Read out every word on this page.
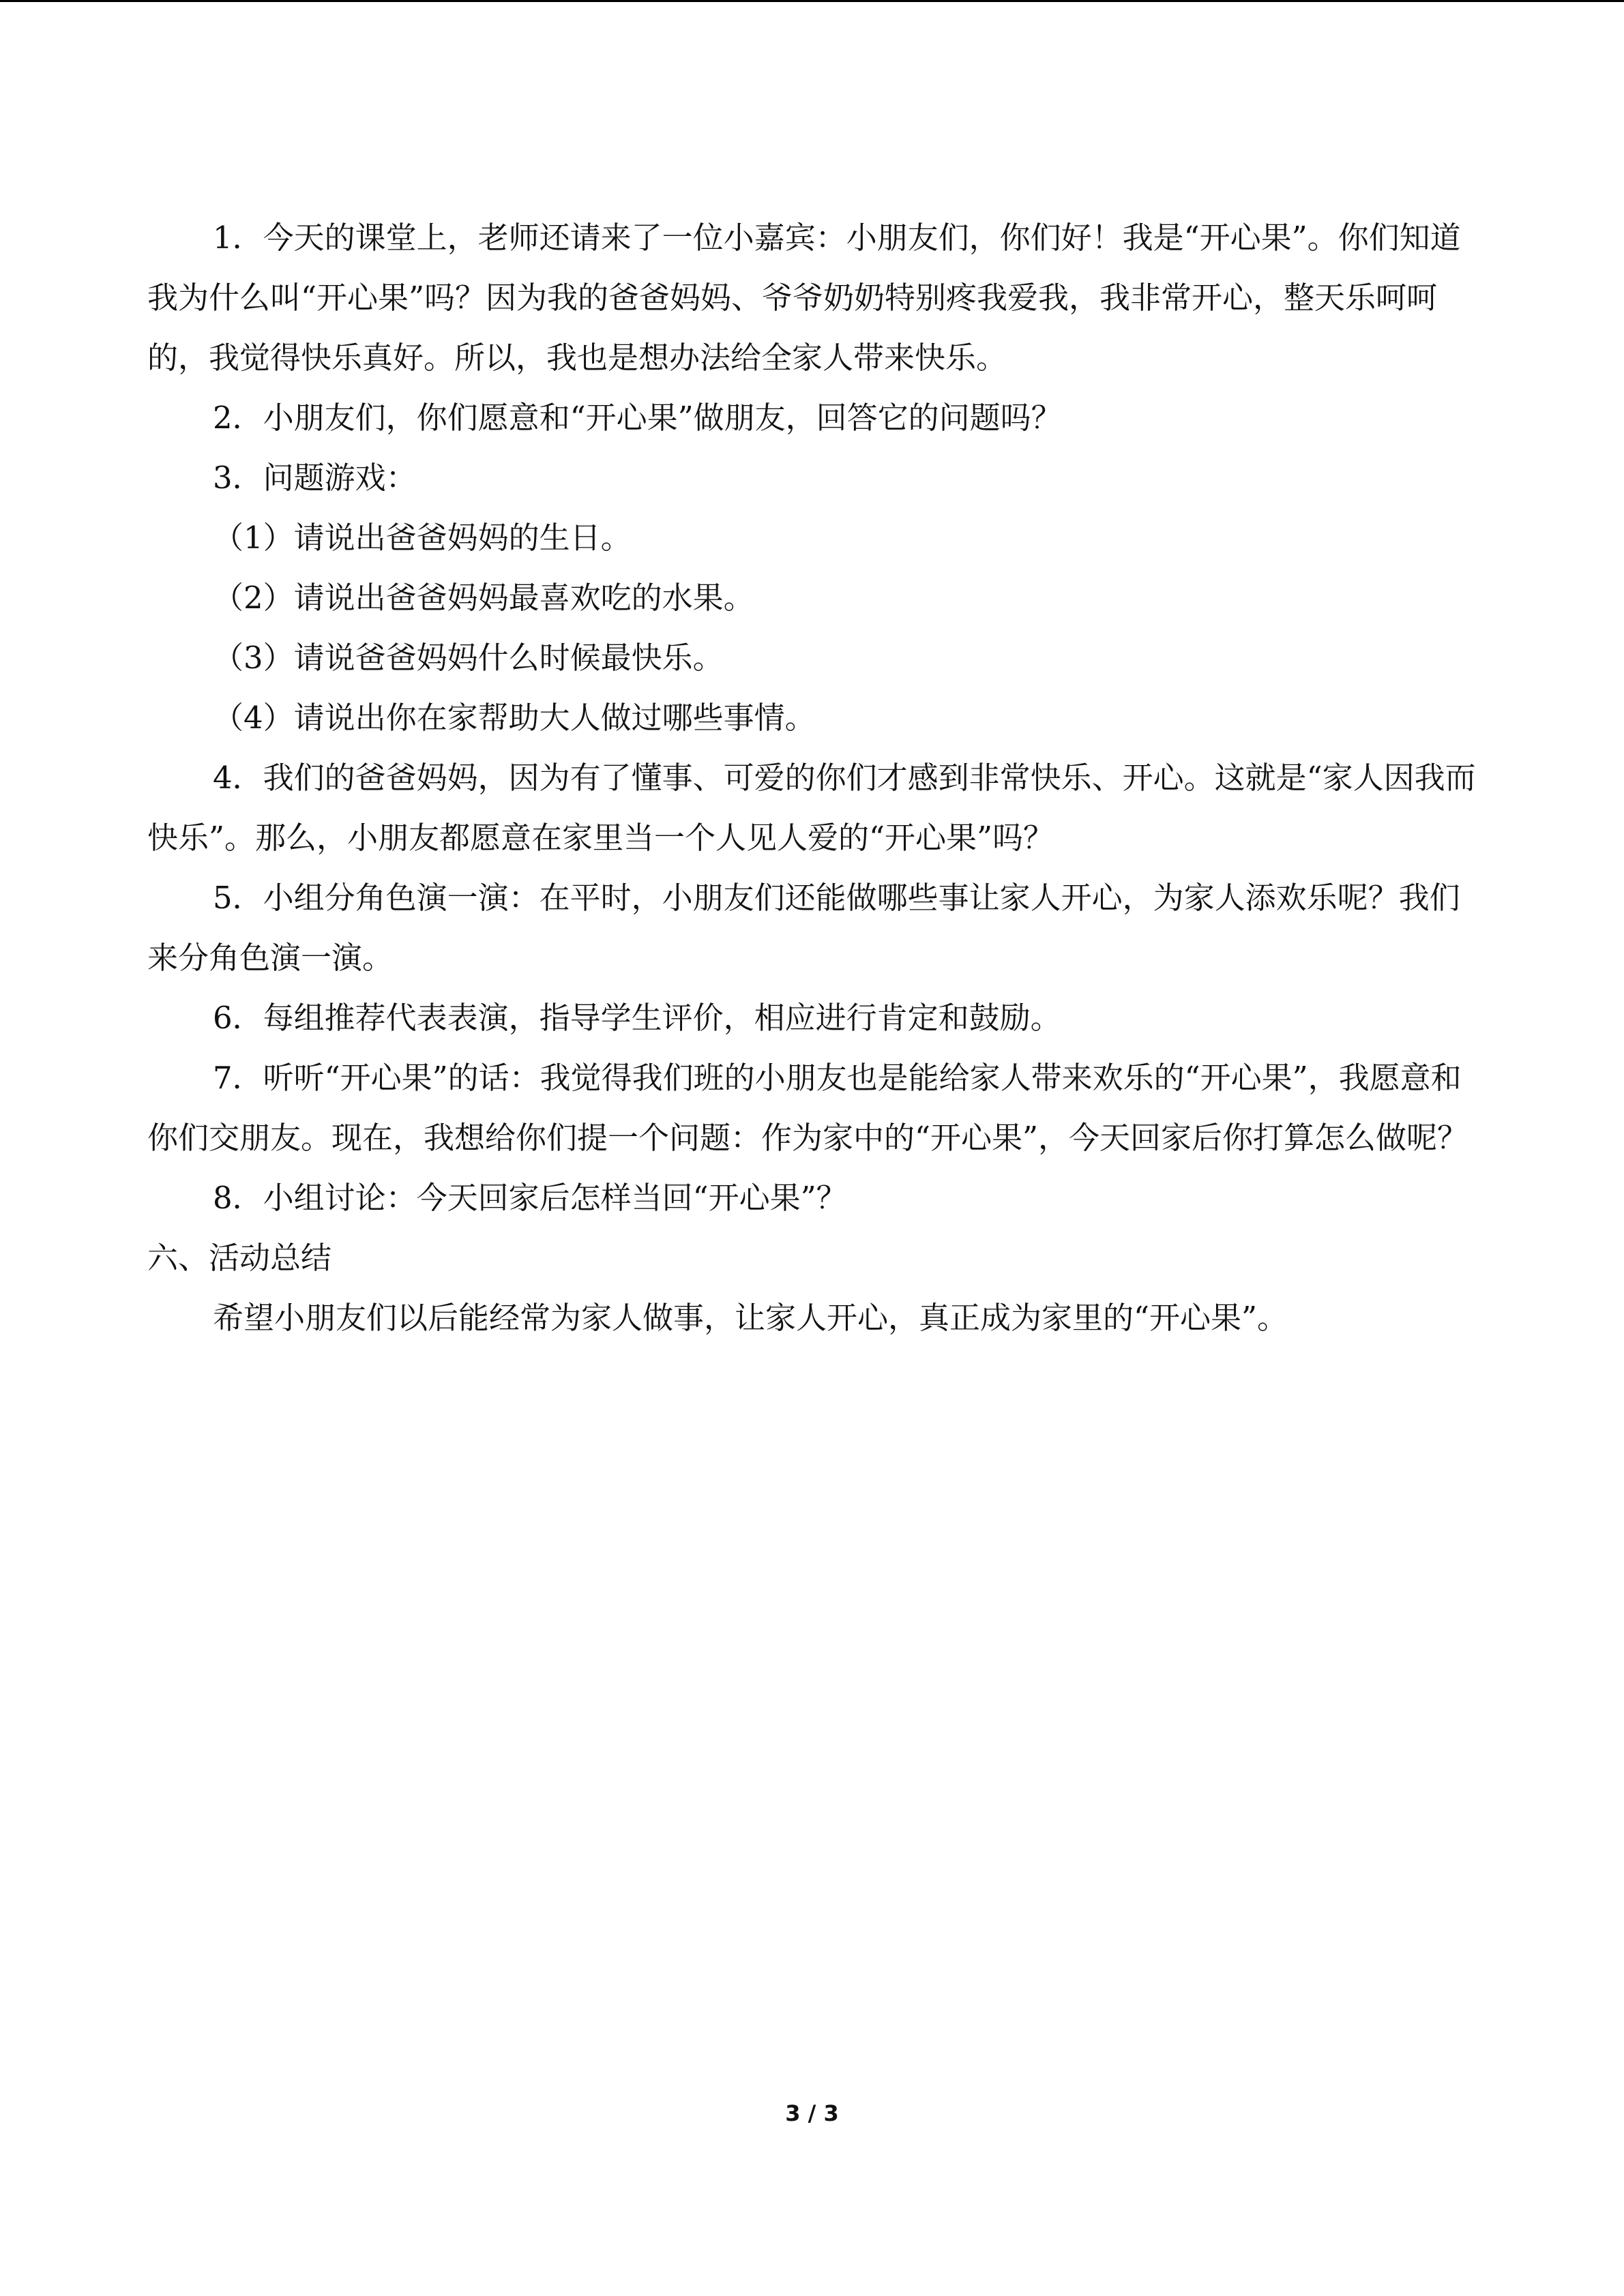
1．今天的课堂上，老师还请来了一位小嘉宾：小朋友们，你们好！我是“开心果”。你们知道我为什么叫“开心果”吗？因为我的爸爸妈妈、爷爷奶奶特别疼我爱我，我非常开心，整天乐呵呵的，我觉得快乐真好。所以，我也是想办法给全家人带来快乐。

2．小朋友们，你们愿意和“开心果”做朋友，回答它的问题吗？

3．问题游戏：

（1）请说出爸爸妈妈的生日。

（2）请说出爸爸妈妈最喜欢吃的水果。

（3）请说爸爸妈妈什么时候最快乐。

（4）请说出你在家帮助大人做过哪些事情。

4．我们的爸爸妈妈，因为有了懂事、可爱的你们才感到非常快乐、开心。这就是“家人因我而快乐”。那么，小朋友都愿意在家里当一个人见人爱的“开心果”吗？

5．小组分角色演一演：在平时，小朋友们还能做哪些事让家人开心，为家人添欢乐呢？我们来分角色演一演。

6．每组推荐代表表演，指导学生评价，相应进行肯定和鼓励。

7．听听“开心果”的话：我觉得我们班的小朋友也是能给家人带来欢乐的“开心果”，我愿意和你们交朋友。现在，我想给你们提一个问题：作为家中的“开心果”，今天回家后你打算怎么做呢？

8．小组讨论：今天回家后怎样当回“开心果”？

六、活动总结

希望小朋友们以后能经常为家人做事，让家人开心，真正成为家里的“开心果”。

3 / 3
